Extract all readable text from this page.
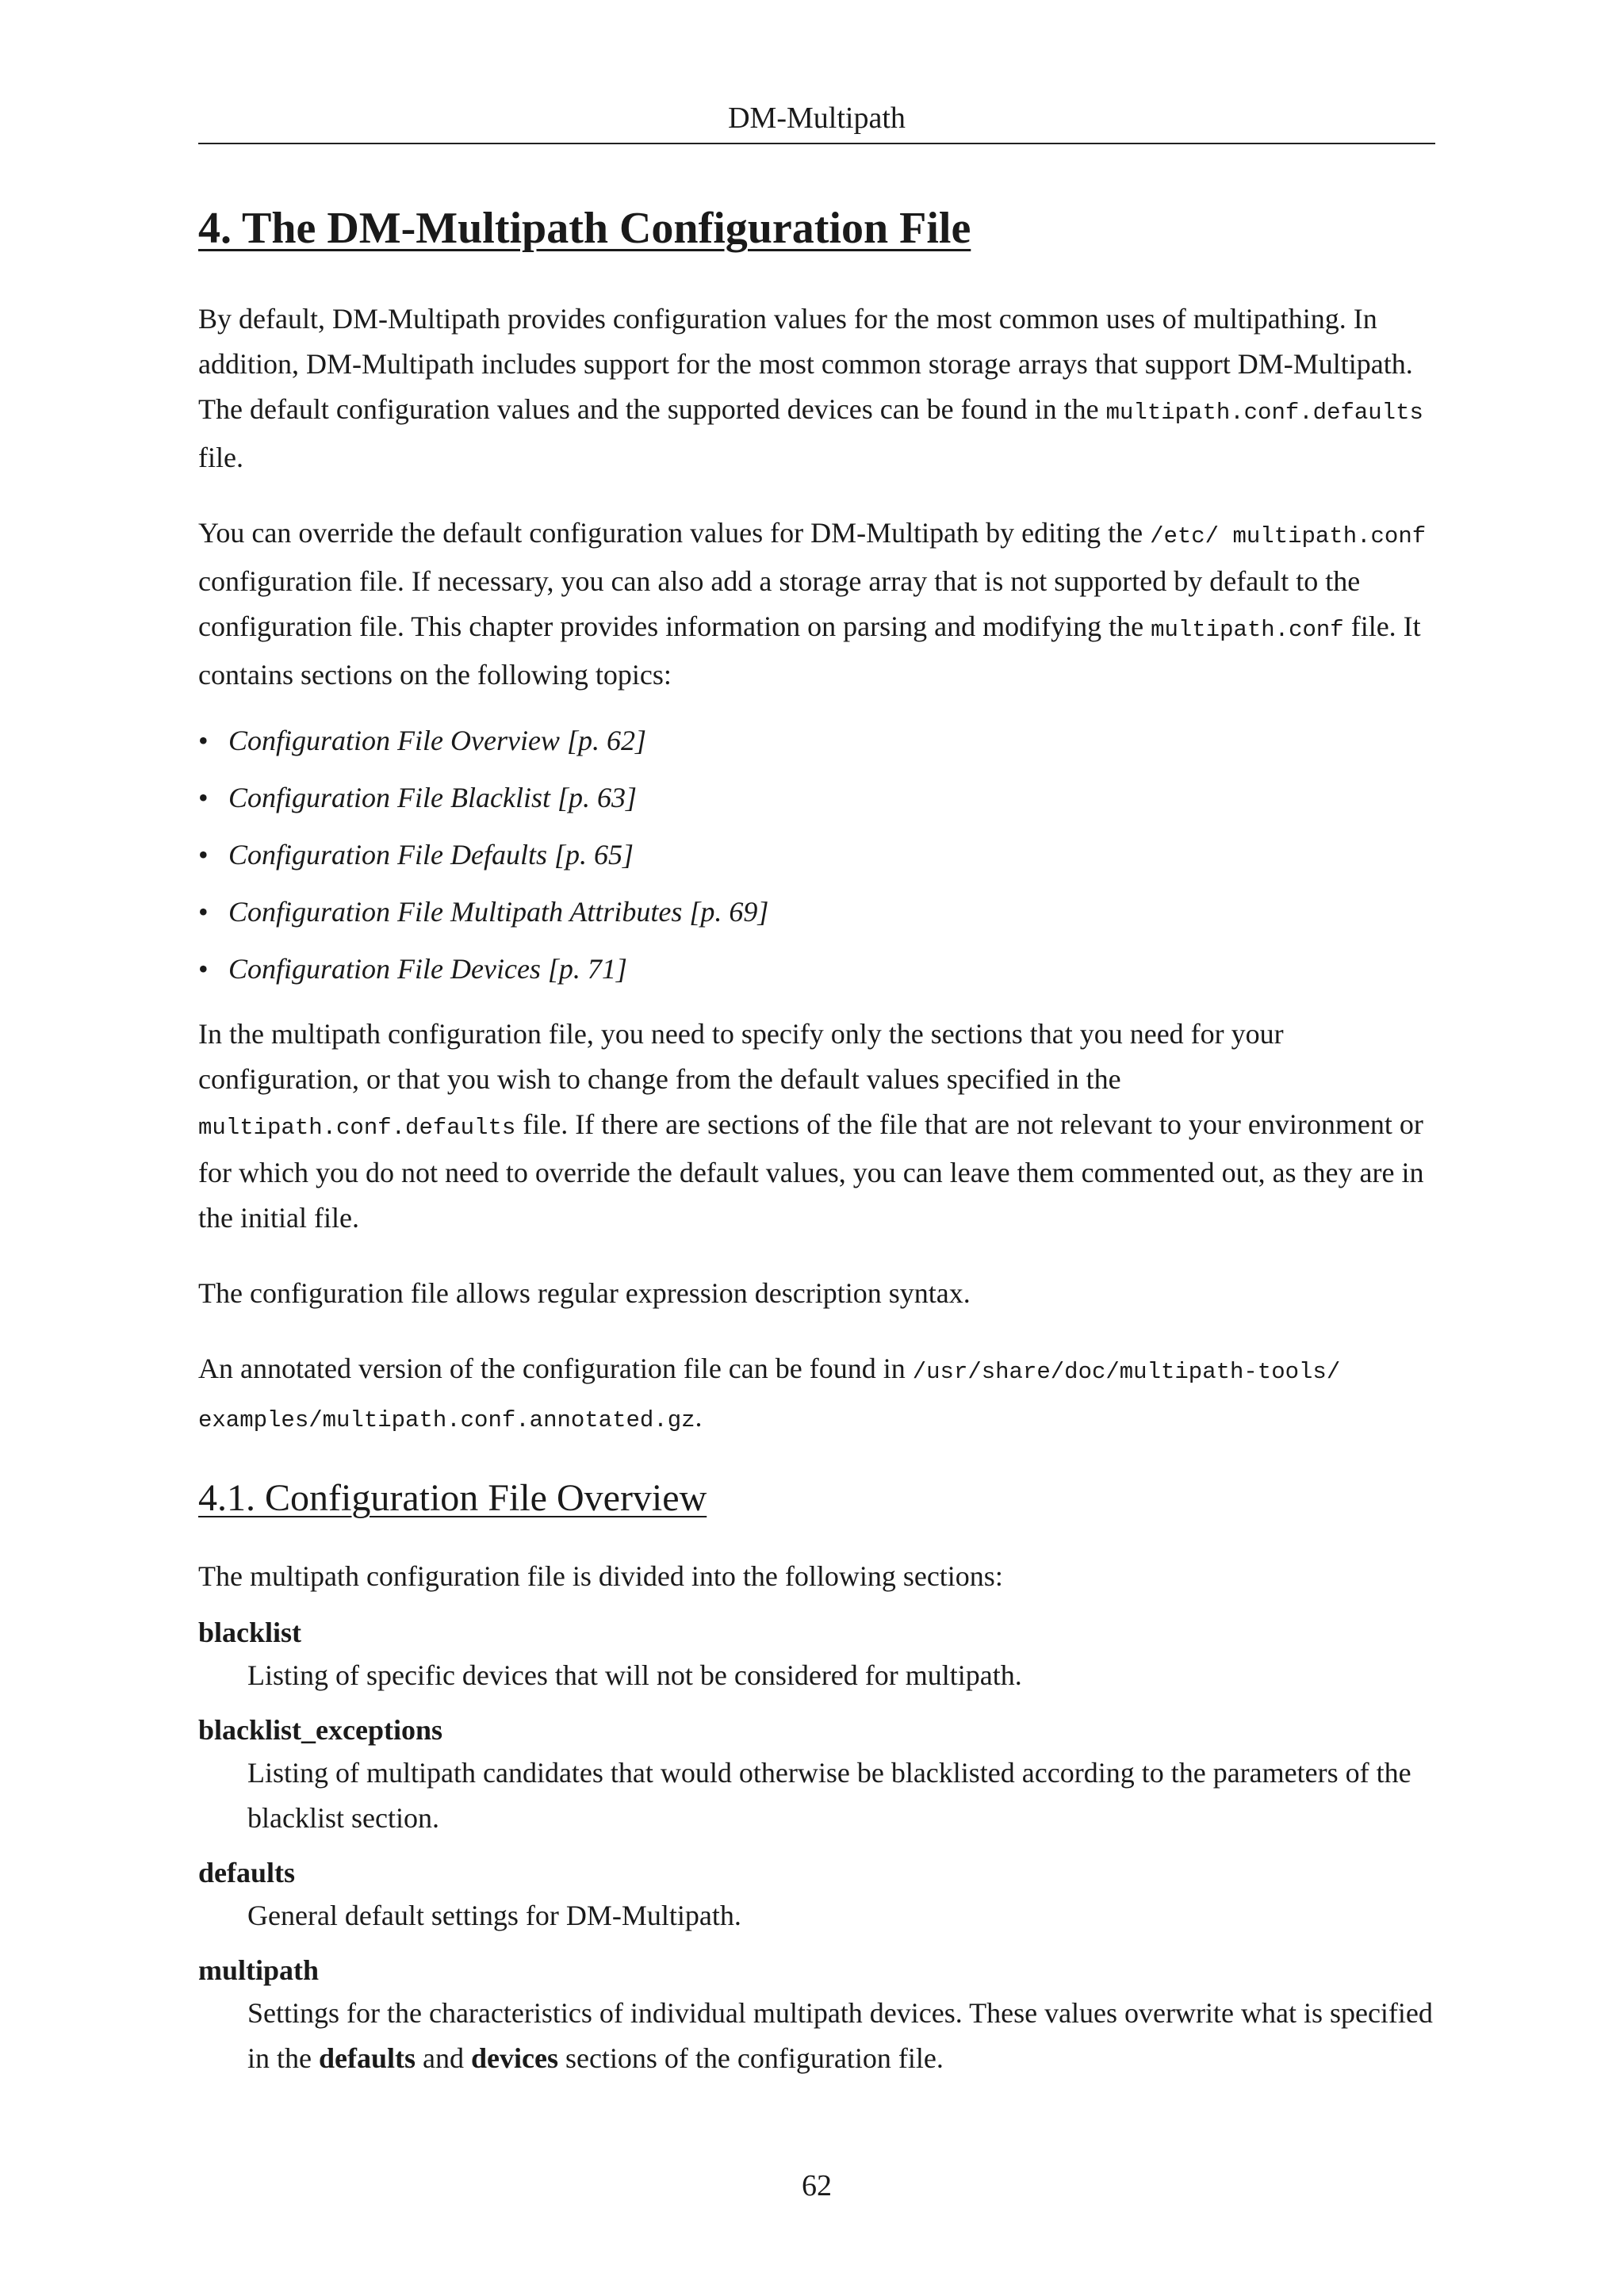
DM-Multipath
4. The DM-Multipath Configuration File

By default, DM-Multipath provides configuration values for the most common uses of multipathing. In addition, DM-Multipath includes support for the most common storage arrays that support DM-Multipath. The default configuration values and the supported devices can be found in the multipath.conf.defaults file.

You can override the default configuration values for DM-Multipath by editing the /etc/ multipath.conf configuration file. If necessary, you can also add a storage array that is not supported by default to the configuration file. This chapter provides information on parsing and modifying the multipath.conf file. It contains sections on the following topics:

• Configuration File Overview [p. 62]
• Configuration File Blacklist [p. 63]
• Configuration File Defaults [p. 65]
• Configuration File Multipath Attributes [p. 69]
• Configuration File Devices [p. 71]

In the multipath configuration file, you need to specify only the sections that you need for your configuration, or that you wish to change from the default values specified in the multipath.conf.defaults file. If there are sections of the file that are not relevant to your environment or for which you do not need to override the default values, you can leave them commented out, as they are in the initial file.

The configuration file allows regular expression description syntax.

An annotated version of the configuration file can be found in /usr/share/doc/multipath-tools/ examples/multipath.conf.annotated.gz.

4.1. Configuration File Overview

The multipath configuration file is divided into the following sections:

blacklist
Listing of specific devices that will not be considered for multipath.
blacklist_exceptions
Listing of multipath candidates that would otherwise be blacklisted according to the parameters of the blacklist section.
defaults
General default settings for DM-Multipath.
multipath
Settings for the characteristics of individual multipath devices. These values overwrite what is specified in the defaults and devices sections of the configuration file.
62
